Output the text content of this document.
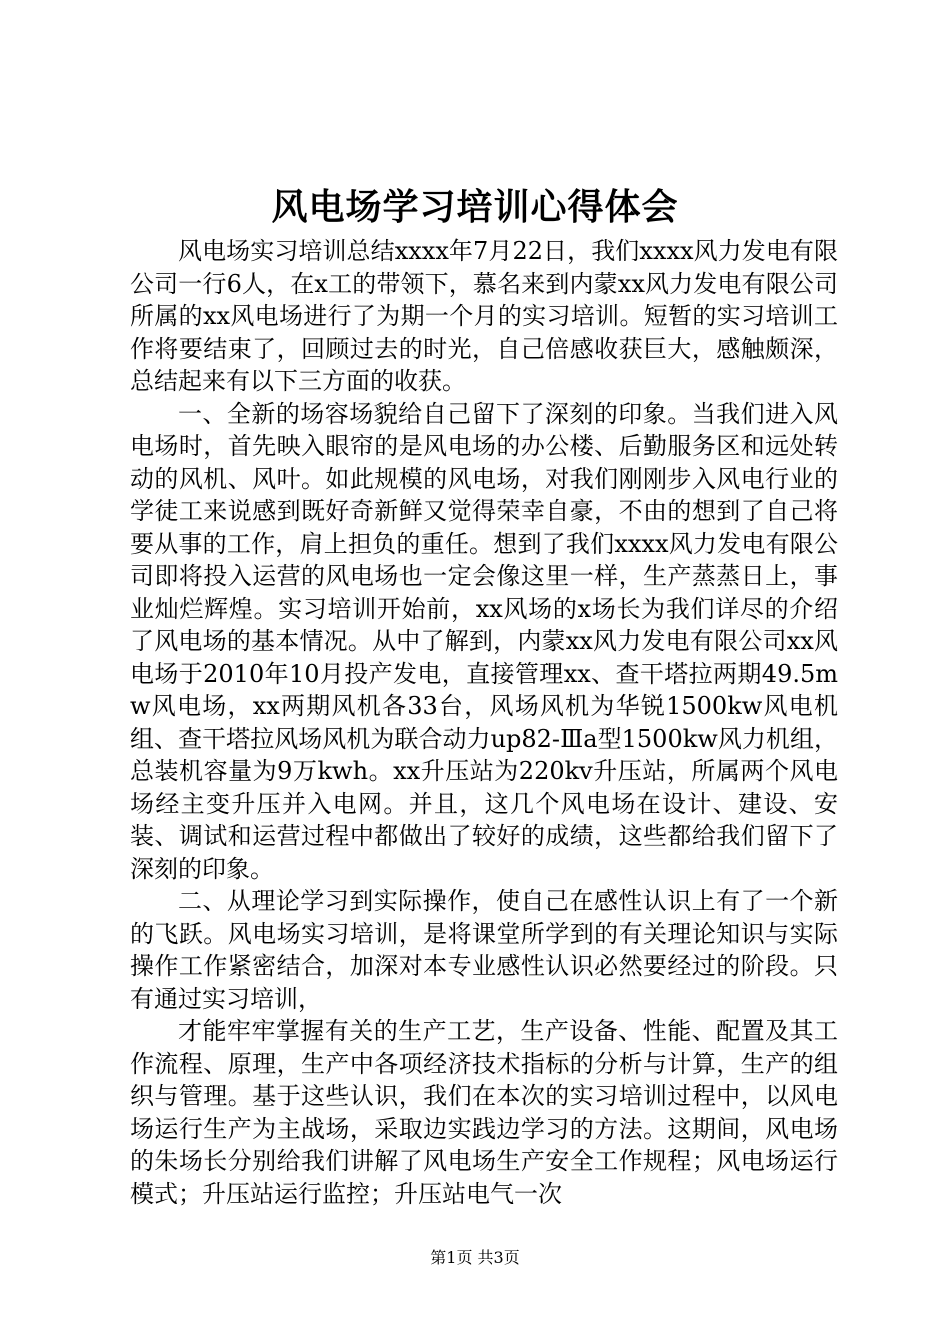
风电场学习培训心得体会

风电场实习培训总结xxxx年7月22日，我们xxxx风力发电有限公司一行6人，在x工的带领下，慕名来到内蒙xx风力发电有限公司所属的xx风电场进行了为期一个月的实习培训。短暂的实习培训工作将要结束了，回顾过去的时光，自己倍感收获巨大，感触颇深，总结起来有以下三方面的收获。

一、全新的场容场貌给自己留下了深刻的印象。当我们进入风电场时，首先映入眼帘的是风电场的办公楼、后勤服务区和远处转动的风机、风叶。如此规模的风电场，对我们刚刚步入风电行业的学徒工来说感到既好奇新鲜又觉得荣幸自豪，不由的想到了自己将要从事的工作，肩上担负的重任。想到了我们xxxx风力发电有限公司即将投入运营的风电场也一定会像这里一样，生产蒸蒸日上，事业灿烂辉煌。实习培训开始前，xx风场的x场长为我们详尽的介绍了风电场的基本情况。从中了解到，内蒙xx风力发电有限公司xx风电场于2010年10月投产发电，直接管理xx、查干塔拉两期49.5mw风电场，xx两期风机各33台，风场风机为华锐1500kw风电机组、查干塔拉风场风机为联合动力up82-Ⅲa型1500kw风力机组，总装机容量为9万kwh。xx升压站为220kv升压站，所属两个风电场经主变升压并入电网。并且，这几个风电场在设计、建设、安装、调试和运营过程中都做出了较好的成绩，这些都给我们留下了深刻的印象。

二、从理论学习到实际操作，使自己在感性认识上有了一个新的飞跃。风电场实习培训，是将课堂所学到的有关理论知识与实际操作工作紧密结合，加深对本专业感性认识必然要经过的阶段。只有通过实习培训，

才能牢牢掌握有关的生产工艺，生产设备、性能、配置及其工作流程、原理，生产中各项经济技术指标的分析与计算，生产的组织与管理。基于这些认识，我们在本次的实习培训过程中，以风电场运行生产为主战场，采取边实践边学习的方法。这期间，风电场的朱场长分别给我们讲解了风电场生产安全工作规程；风电场运行模式；升压站运行监控；升压站电气一次

第1页 共3页
